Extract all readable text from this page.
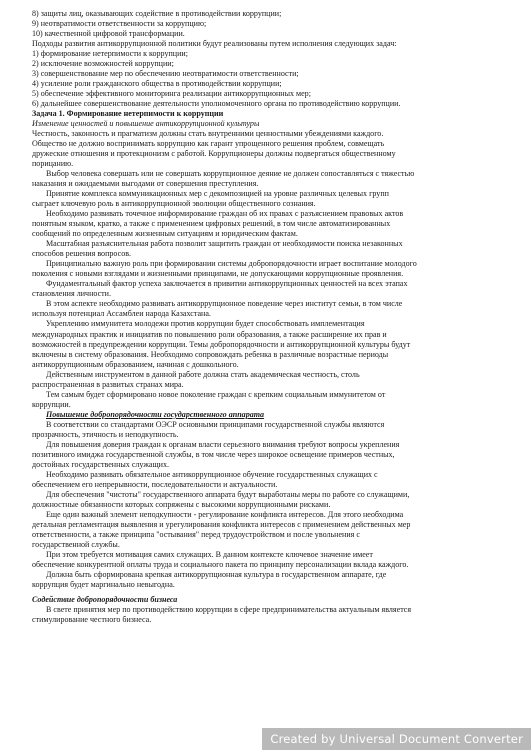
8) защиты лиц, оказывающих содействие в противодействии коррупции;
9) неотвратимости ответственности за коррупцию;
10) качественной цифровой трансформации.
Подходы развития антикоррупционной политики будут реализованы путем исполнения следующих задач:
1) формирование нетерпимости к коррупции;
2) исключение возможностей коррупции;
3) совершенствование мер по обеспечению неотвратимости ответственности;
4) усиление роли гражданского общества в противодействии коррупции;
5) обеспечение эффективного мониторинга реализации антикоррупционных мер;
6) дальнейшее совершенствование деятельности уполномоченного органа по противодействию коррупции.
Задача 1. Формирование нетерпимости к коррупции
Изменение ценностей и повышение антикоррупционной культуры
Честность, законность и прагматизм должны стать внутренними ценностными убеждениями каждого.
Общество не должно воспринимать коррупцию как гарант упрощенного решения проблем, совмещать
дружеские отношения и протекционизм с работой. Коррупционеры должны подвергаться общественному
порицанию.
Выбор человека совершать или не совершать коррупционное деяние не должен сопоставляться с тяжестью
наказания и ожидаемыми выгодами от совершения преступления.
Принятие комплекса коммуникационных мер с декомпозицией на уровне различных целевых групп
сыграет ключевую роль в антикоррупционной эволюции общественного сознания.
Необходимо развивать точечное информирование граждан об их правах с разъяснением правовых актов
понятным языком, кратко, а также с применением цифровых решений, в том числе автоматизированных
сообщений по определенным жизненным ситуациям и юридическим фактам.
Масштабная разъяснительная работа позволит защитить граждан от необходимости поиска незаконных
способов решения вопросов.
Принципиально важную роль при формировании системы добропорядочности играет воспитание молодого
поколения с новыми взглядами и жизненными принципами, не допускающими коррупционные проявления.
Фундаментальный фактор успеха заключается в привитии антикоррупционных ценностей на всех этапах
становления личности.
В этом аспекте необходимо развивать антикоррупционное поведение через институт семьи, в том числе
используя потенциал Ассамблеи народа Казахстана.
Укреплению иммунитета молодежи против коррупции будет способствовать имплементация
международных практик и инициатив по повышению роли образования, а также расширение их прав и
возможностей в предупреждении коррупции. Темы добропорядочности и антикоррупционной культуры будут
включены в систему образования. Необходимо сопровождать ребенка в различные возрастные периоды
антикоррупционным образованием, начиная с дошкольного.
Действенным инструментом в данной работе должна стать академическая честность, столь
распространенная в развитых странах мира.
Тем самым будет сформировано новое поколение граждан с крепким социальным иммунитетом от
коррупции.
Повышение добропорядочности государственного аппарата
В соответствии со стандартами ОЭСР основными принципами государственной службы являются
прозрачность, этичность и неподкупность.
Для повышения доверия граждан к органам власти серьезного внимания требуют вопросы укрепления
позитивного имиджа государственной службы, в том числе через широкое освещение примеров честных,
достойных государственных служащих.
Необходимо развивать обязательное антикоррупционное обучение государственных служащих с
обеспечением его непрерывности, последовательности и актуальности.
Для обеспечения "чистоты" государственного аппарата будут выработаны меры по работе со служащими,
должностные обязанности которых сопряжены с высокими коррупционными рисками.
Еще один важный элемент неподкупности - регулирование конфликта интересов. Для этого необходима
детальная регламентация выявления и урегулирования конфликта интересов с применением действенных мер
ответственности, а также принципа "остывания" перед трудоустройством и после увольнения с
государственной службы.
При этом требуется мотивация самих служащих. В данном контексте ключевое значение имеет
обеспечение конкурентной оплаты труда и социального пакета по принципу персонализации вклада каждого.
Должна быть сформирована крепкая антикоррупционная культура в государственном аппарате, где
коррупция будет маргинально невыгодна.
Содействие добропорядочности бизнеса
В свете принятия мер по противодействию коррупции в сфере предпринимательства актуальным является
стимулирование честного бизнеса.
Created by Universal Document Converter
